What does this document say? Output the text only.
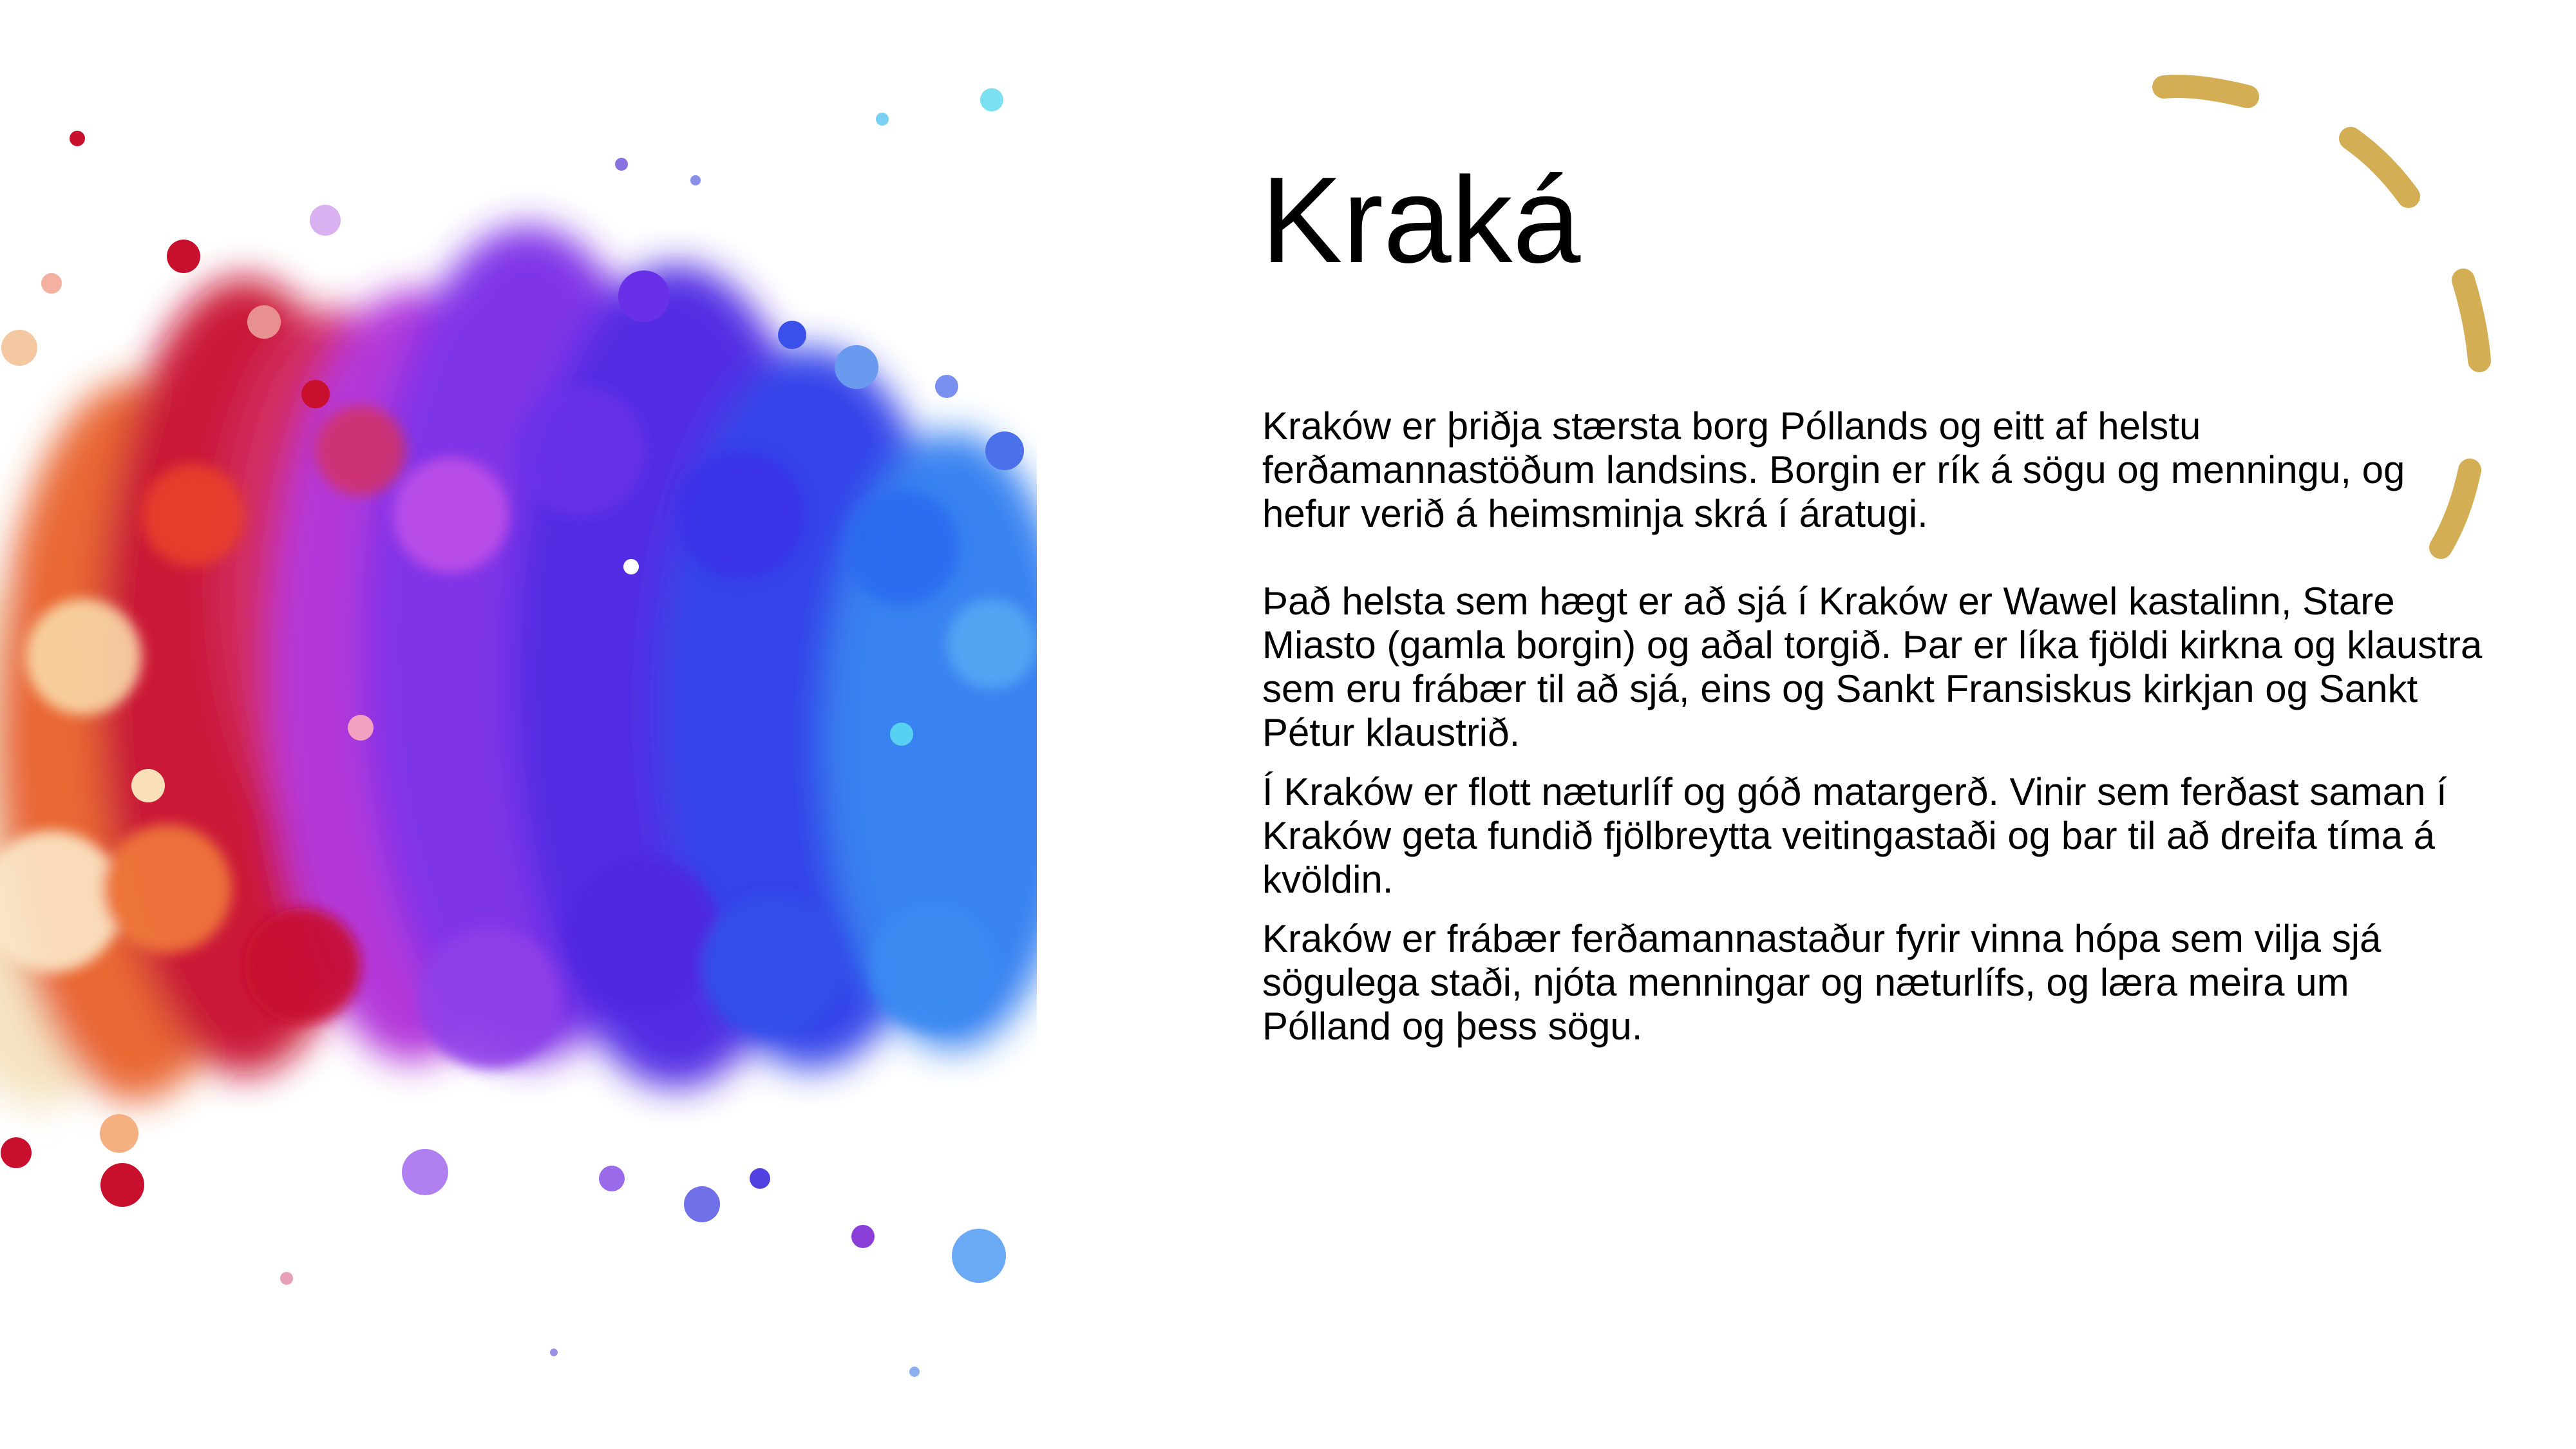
Kraká

Kraków er þriðja stærsta borg Póllands og eitt af helstu ferðamannastöðum landsins. Borgin er rík á sögu og menningu, og hefur verið á heimsminja skrá í áratugi.

Það helsta sem hægt er að sjá í Kraków er Wawel kastalinn, Stare Miasto (gamla borgin) og aðal torgið. Þar er líka fjöldi kirkna og klaustra sem eru frábær til að sjá, eins og Sankt Fransiskus kirkjan og Sankt Pétur klaustrið.

Í Kraków er flott næturlíf og góð matargerð. Vinir sem ferðast saman í Kraków geta fundið fjölbreytta veitingastaði og bar til að dreifa tíma á kvöldin.

Kraków er frábær ferðamannastaður fyrir vinna hópa sem vilja sjá sögulega staði, njóta menningar og næturlífs, og læra meira um Pólland og þess sögu.
